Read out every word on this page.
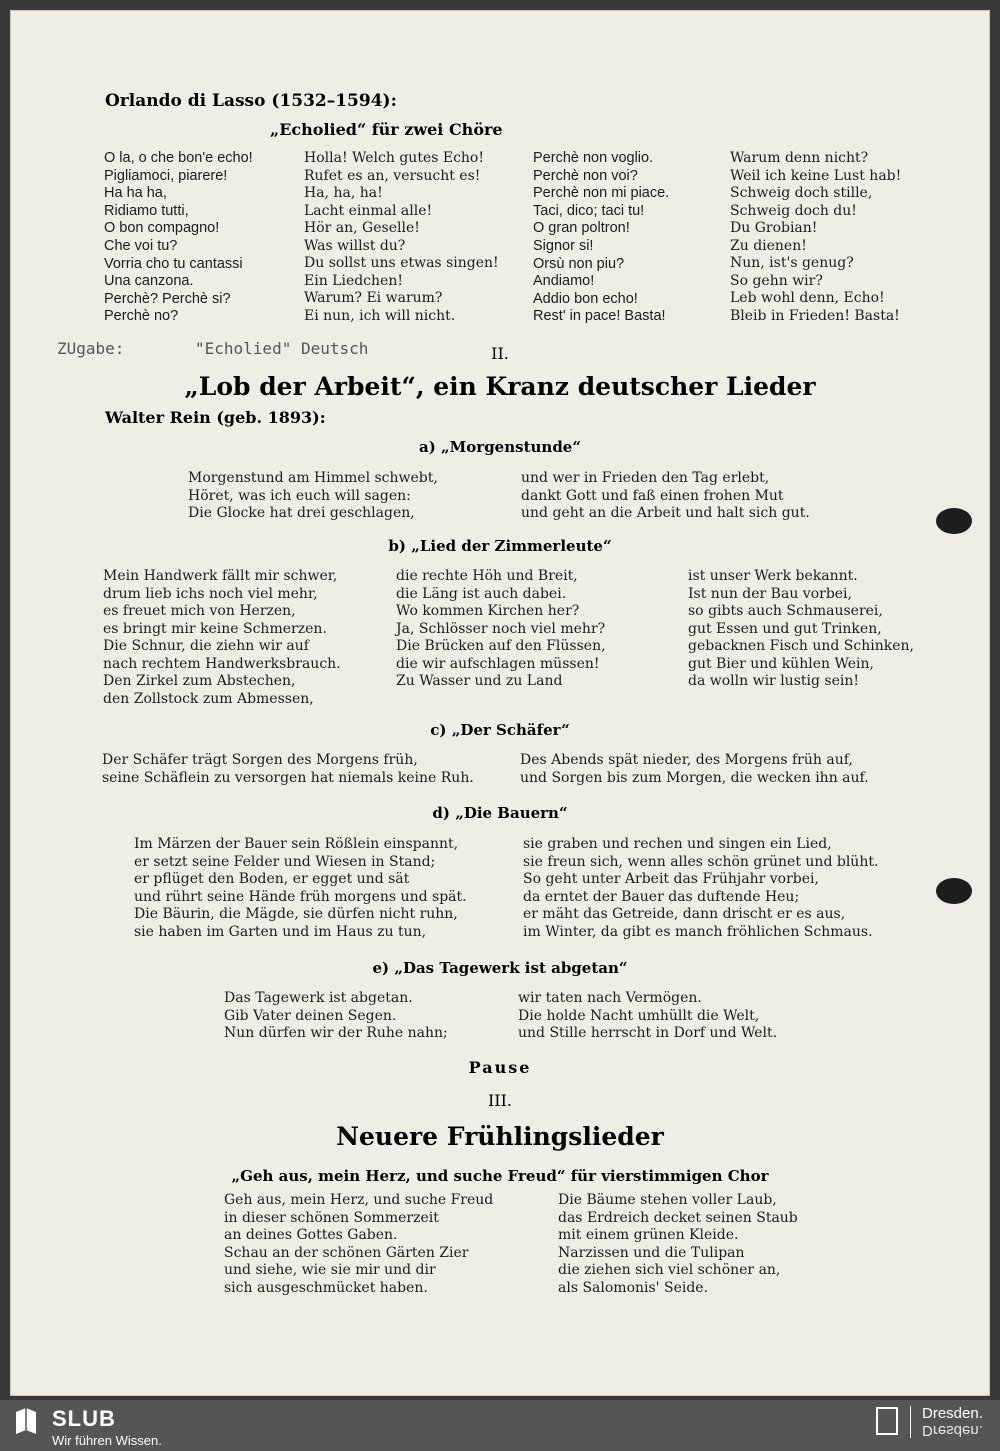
Orlando di Lasso (1532–1594):
„Echolied“ für zwei Chöre
O la, o che bon'e echo!
Pigliamoci, piarere!
Ha ha ha,
Ridiamo tutti,
O bon compagno!
Che voi tu?
Vorria cho tu cantassi
Una canzona.
Perchè? Perchè si?
Perchè no?
Holla! Welch gutes Echo!
Rufet es an, versucht es!
Ha, ha, ha!
Lacht einmal alle!
Hör an, Geselle!
Was willst du?
Du sollst uns etwas singen!
Ein Liedchen!
Warum? Ei warum?
Ei nun, ich will nicht.
Perchè non voglio.
Perchè non voi?
Perchè non mi piace.
Taci, dico; taci tu!
O gran poltron!
Signor si!
Orsù non piu?
Andiamo!
Addio bon echo!
Rest' in pace! Basta!
Warum denn nicht?
Weil ich keine Lust hab!
Schweig doch stille,
Schweig doch du!
Du Grobian!
Zu dienen!
Nun, ist's genug?
So gehn wir?
Leb wohl denn, Echo!
Bleib in Frieden! Basta!
ZUgabe:	"Echolied" Deutsch	II.
„Lob der Arbeit“, ein Kranz deutscher Lieder
Walter Rein (geb. 1893):
a) „Morgenstunde“
Morgenstund am Himmel schwebt,
Höret, was ich euch will sagen:
Die Glocke hat drei geschlagen,
und wer in Frieden den Tag erlebt,
dankt Gott und faß einen frohen Mut
und geht an die Arbeit und halt sich gut.
b) „Lied der Zimmerleute“
Mein Handwerk fällt mir schwer,
drum lieb ichs noch viel mehr,
es freuet mich von Herzen,
es bringt mir keine Schmerzen.
Die Schnur, die ziehn wir auf
nach rechtem Handwerksbrauch.
Den Zirkel zum Abstechen,
den Zollstock zum Abmessen,
die rechte Höh und Breit,
die Läng ist auch dabei.
Wo kommen Kirchen her?
Ja, Schlösser noch viel mehr?
Die Brücken auf den Flüssen,
die wir aufschlagen müssen!
Zu Wasser und zu Land
ist unser Werk bekannt.
Ist nun der Bau vorbei,
so gibts auch Schmauserei,
gut Essen und gut Trinken,
gebacknen Fisch und Schinken,
gut Bier und kühlen Wein,
da wolln wir lustig sein!
c) „Der Schäfer“
Der Schäfer trägt Sorgen des Morgens früh,
seine Schäflein zu versorgen hat niemals keine Ruh.
Des Abends spät nieder, des Morgens früh auf,
und Sorgen bis zum Morgen, die wecken ihn auf.
d) „Die Bauern“
Im Märzen der Bauer sein Rößlein einspannt,
er setzt seine Felder und Wiesen in Stand;
er pflüget den Boden, er egget und sät
und rührt seine Hände früh morgens und spät.
Die Bäurin, die Mägde, sie dürfen nicht ruhn,
sie haben im Garten und im Haus zu tun,
sie graben und rechen und singen ein Lied,
sie freun sich, wenn alles schön grünet und blüht.
So geht unter Arbeit das Frühjahr vorbei,
da erntet der Bauer das duftende Heu;
er mäht das Getreide, dann drischt er es aus,
im Winter, da gibt es manch fröhlichen Schmaus.
e) „Das Tagewerk ist abgetan“
Das Tagewerk ist abgetan.
Gib Vater deinen Segen.
Nun dürfen wir der Ruhe nahn;
wir taten nach Vermögen.
Die holde Nacht umhüllt die Welt,
und Stille herrscht in Dorf und Welt.
Pause
III.
Neuere Frühlingslieder
„Geh aus, mein Herz, und suche Freud“ für vierstimmigen Chor
Geh aus, mein Herz, und suche Freud
in dieser schönen Sommerzeit
an deines Gottes Gaben.
Schau an der schönen Gärten Zier
und siehe, wie sie mir und dir
sich ausgeschmücket haben.
Die Bäume stehen voller Laub,
das Erdreich decket seinen Staub
mit einem grünen Kleide.
Narzissen und die Tulipan
die ziehen sich viel schöner an,
als Salomonis' Seide.
SLUB
Wir führen Wissen.
Dresden.
Dresden.
